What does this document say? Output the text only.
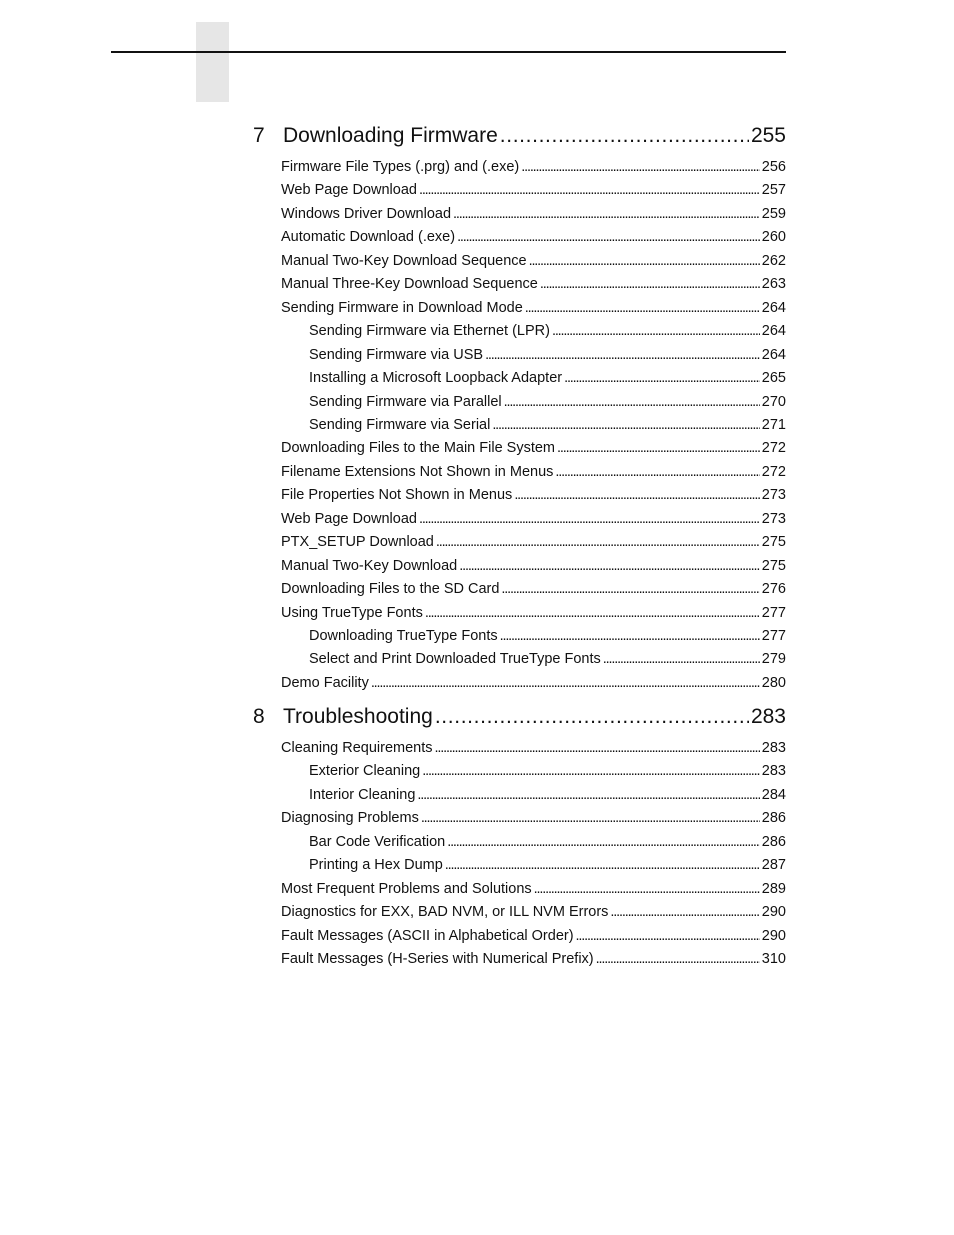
7 Downloading Firmware . . .	255
Firmware File Types (.prg) and (.exe) . . .	256
Web Page Download . . .	257
Windows Driver Download . . .	259
Automatic Download (.exe) . . .	260
Manual Two-Key Download Sequence . . .	262
Manual Three-Key Download Sequence . . .	263
Sending Firmware in Download Mode . . .	264
Sending Firmware via Ethernet (LPR) . . .	264
Sending Firmware via USB . . .	264
Installing a Microsoft Loopback Adapter . . .	265
Sending Firmware via Parallel . . .	270
Sending Firmware via Serial . . .	271
Downloading Files to the Main File System . . .	272
Filename Extensions Not Shown in Menus . . .	272
File Properties Not Shown in Menus . . .	273
Web Page Download . . .	273
PTX_SETUP Download . . .	275
Manual Two-Key Download . . .	275
Downloading Files to the SD Card . . .	276
Using TrueType Fonts . . .	277
Downloading TrueType Fonts . . .	277
Select and Print Downloaded TrueType Fonts . . .	279
Demo Facility . . .	280
8 Troubleshooting . . .	283
Cleaning Requirements . . .	283
Exterior Cleaning . . .	283
Interior Cleaning . . .	284
Diagnosing Problems . . .	286
Bar Code Verification . . .	286
Printing a Hex Dump . . .	287
Most Frequent Problems and Solutions . . .	289
Diagnostics for EXX, BAD NVM, or ILL NVM Errors . . .	290
Fault Messages (ASCII in Alphabetical Order) . . .	290
Fault Messages (H-Series with Numerical Prefix) . . .	310
